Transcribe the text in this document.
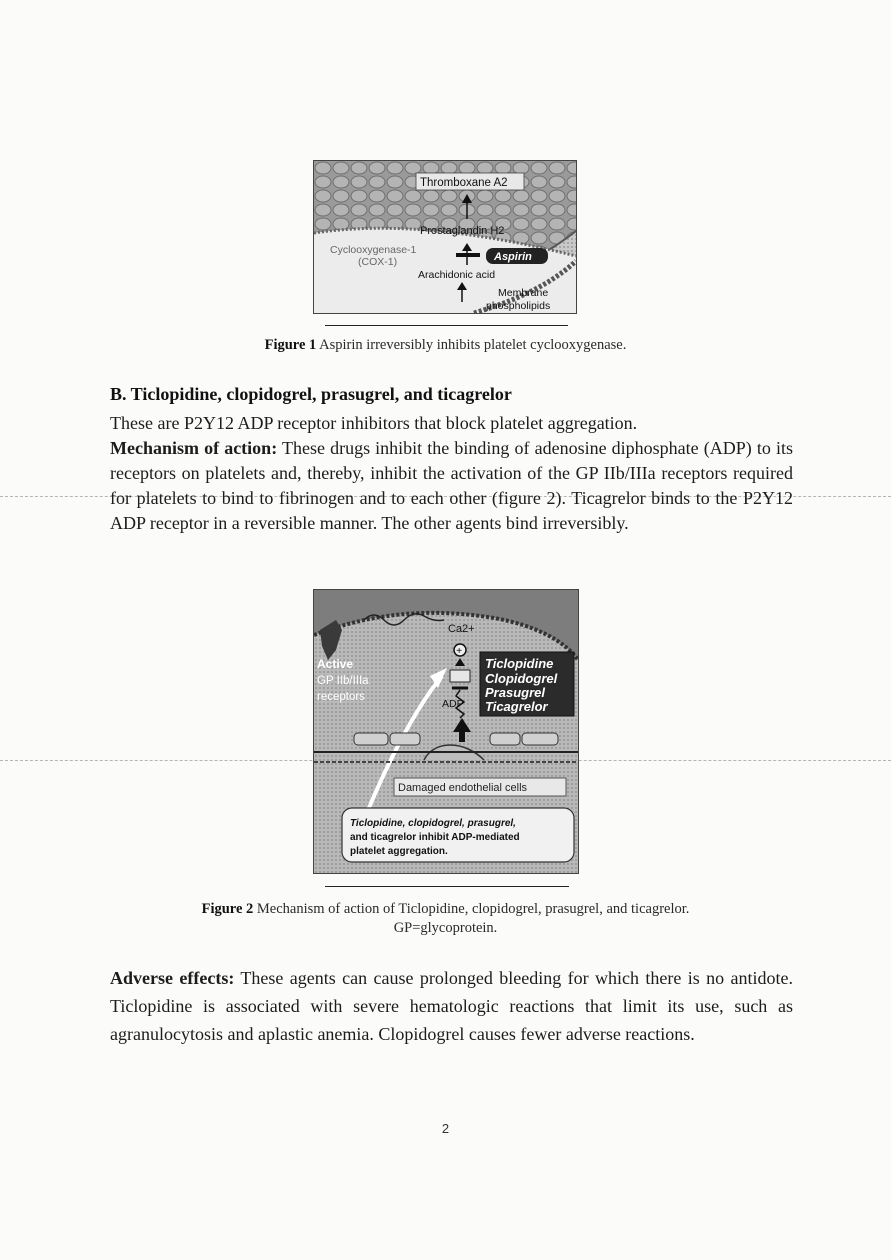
Thromboxane A2
Prostaglandin H2
Cyclooxygenase-1
(COX-1)	Aspirin
Arachidonic acid
Membrane
phospholipids
Figure 1 Aspirin irreversibly inhibits platelet cyclooxygenase.
B. Ticlopidine, clopidogrel, prasugrel, and ticagrelor
These are P2Y12 ADP receptor inhibitors that block platelet aggregation.
Mechanism of action: These drugs inhibit the binding of adenosine diphosphate (ADP) to its receptors on platelets and, thereby, inhibit the activation of the GP IIb/IIIa receptors required for platelets to bind to fibrinogen and to each other (figure 2). Ticagrelor binds to the P2Y12 ADP receptor in a reversible manner. The other agents bind irreversibly.
Ca2+
+
Active
GP IIb/IIIa
receptors
ADP
Ticlopidine
Clopidogrel
Prasugrel
Ticagrelor
Damaged endothelial cells
Ticlopidine, clopidogrel, prasugrel,
and ticagrelor inhibit ADP-mediated
platelet aggregation.
Figure 2 Mechanism of action of Ticlopidine, clopidogrel, prasugrel, and ticagrelor.
GP=glycoprotein.
Adverse effects: These agents can cause prolonged bleeding for which there is no antidote. Ticlopidine is associated with severe hematologic reactions that limit its use, such as agranulocytosis and aplastic anemia. Clopidogrel causes fewer adverse reactions.
2
